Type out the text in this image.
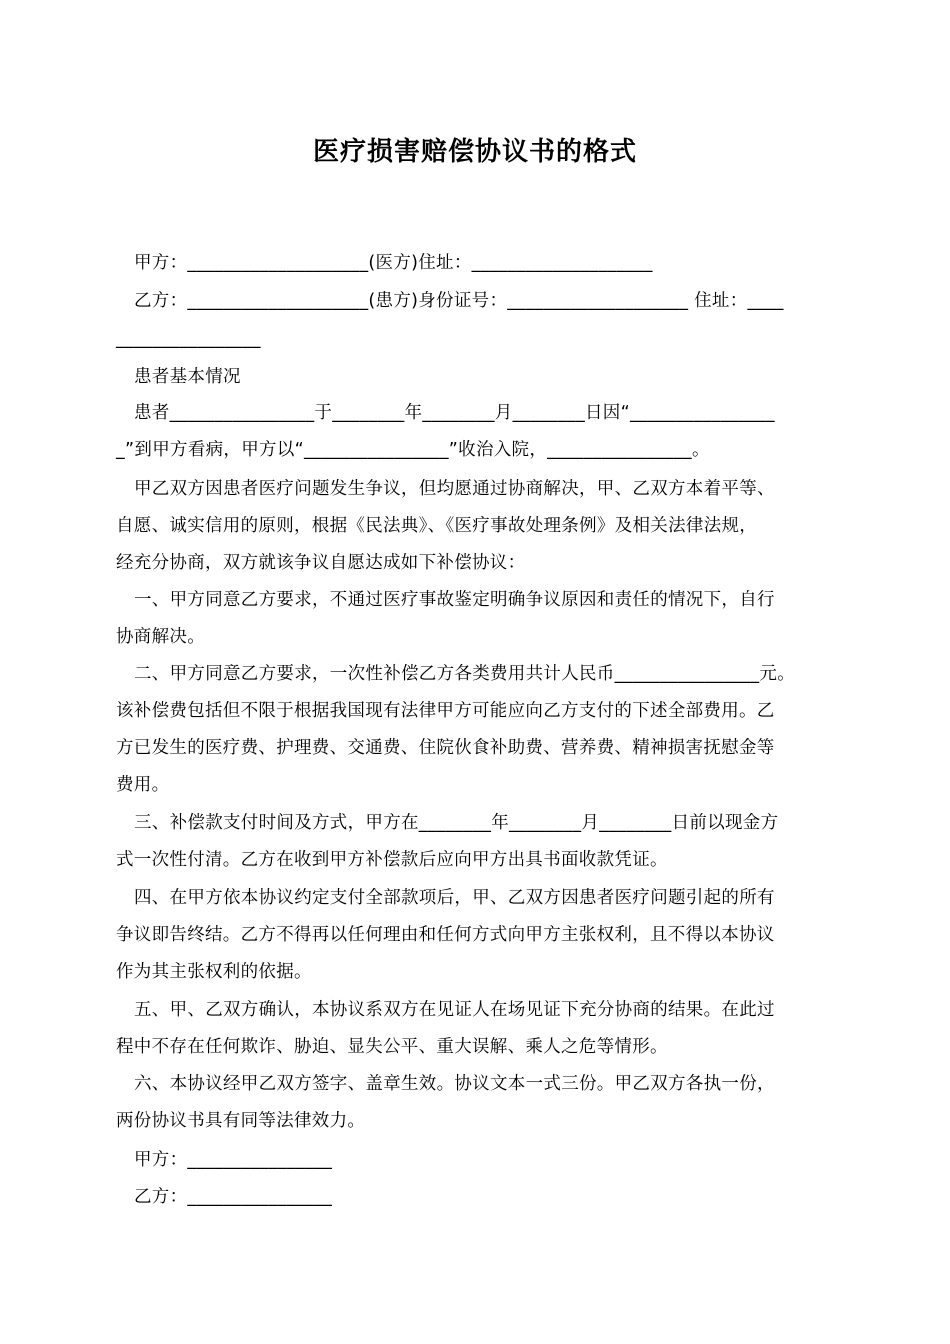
医疗损害赔偿协议书的格式
甲方：____________________(医方)住址：____________________
乙方：____________________(患方)身份证号：____________________ 住址：____
________________
患者基本情况
患者________________于________年________月________日因“________________
_”到甲方看病，甲方以“________________”收治入院，________________。
甲乙双方因患者医疗问题发生争议，但均愿通过协商解决，甲、乙双方本着平等、
自愿、诚实信用的原则，根据《民法典》、《医疗事故处理条例》及相关法律法规，
经充分协商，双方就该争议自愿达成如下补偿协议：
一、甲方同意乙方要求，不通过医疗事故鉴定明确争议原因和责任的情况下，自行
协商解决。
二、甲方同意乙方要求，一次性补偿乙方各类费用共计人民币________________元。
该补偿费包括但不限于根据我国现有法律甲方可能应向乙方支付的下述全部费用。乙
方已发生的医疗费、护理费、交通费、住院伙食补助费、营养费、精神损害抚慰金等
费用。
三、补偿款支付时间及方式，甲方在________年________月________日前以现金方
式一次性付清。乙方在收到甲方补偿款后应向甲方出具书面收款凭证。
四、在甲方依本协议约定支付全部款项后，甲、乙双方因患者医疗问题引起的所有
争议即告终结。乙方不得再以任何理由和任何方式向甲方主张权利，且不得以本协议
作为其主张权利的依据。
五、甲、乙双方确认，本协议系双方在见证人在场见证下充分协商的结果。在此过
程中不存在任何欺诈、胁迫、显失公平、重大误解、乘人之危等情形。
六、本协议经甲乙双方签字、盖章生效。协议文本一式三份。甲乙双方各执一份，
两份协议书具有同等法律效力。
甲方：________________
乙方：________________
